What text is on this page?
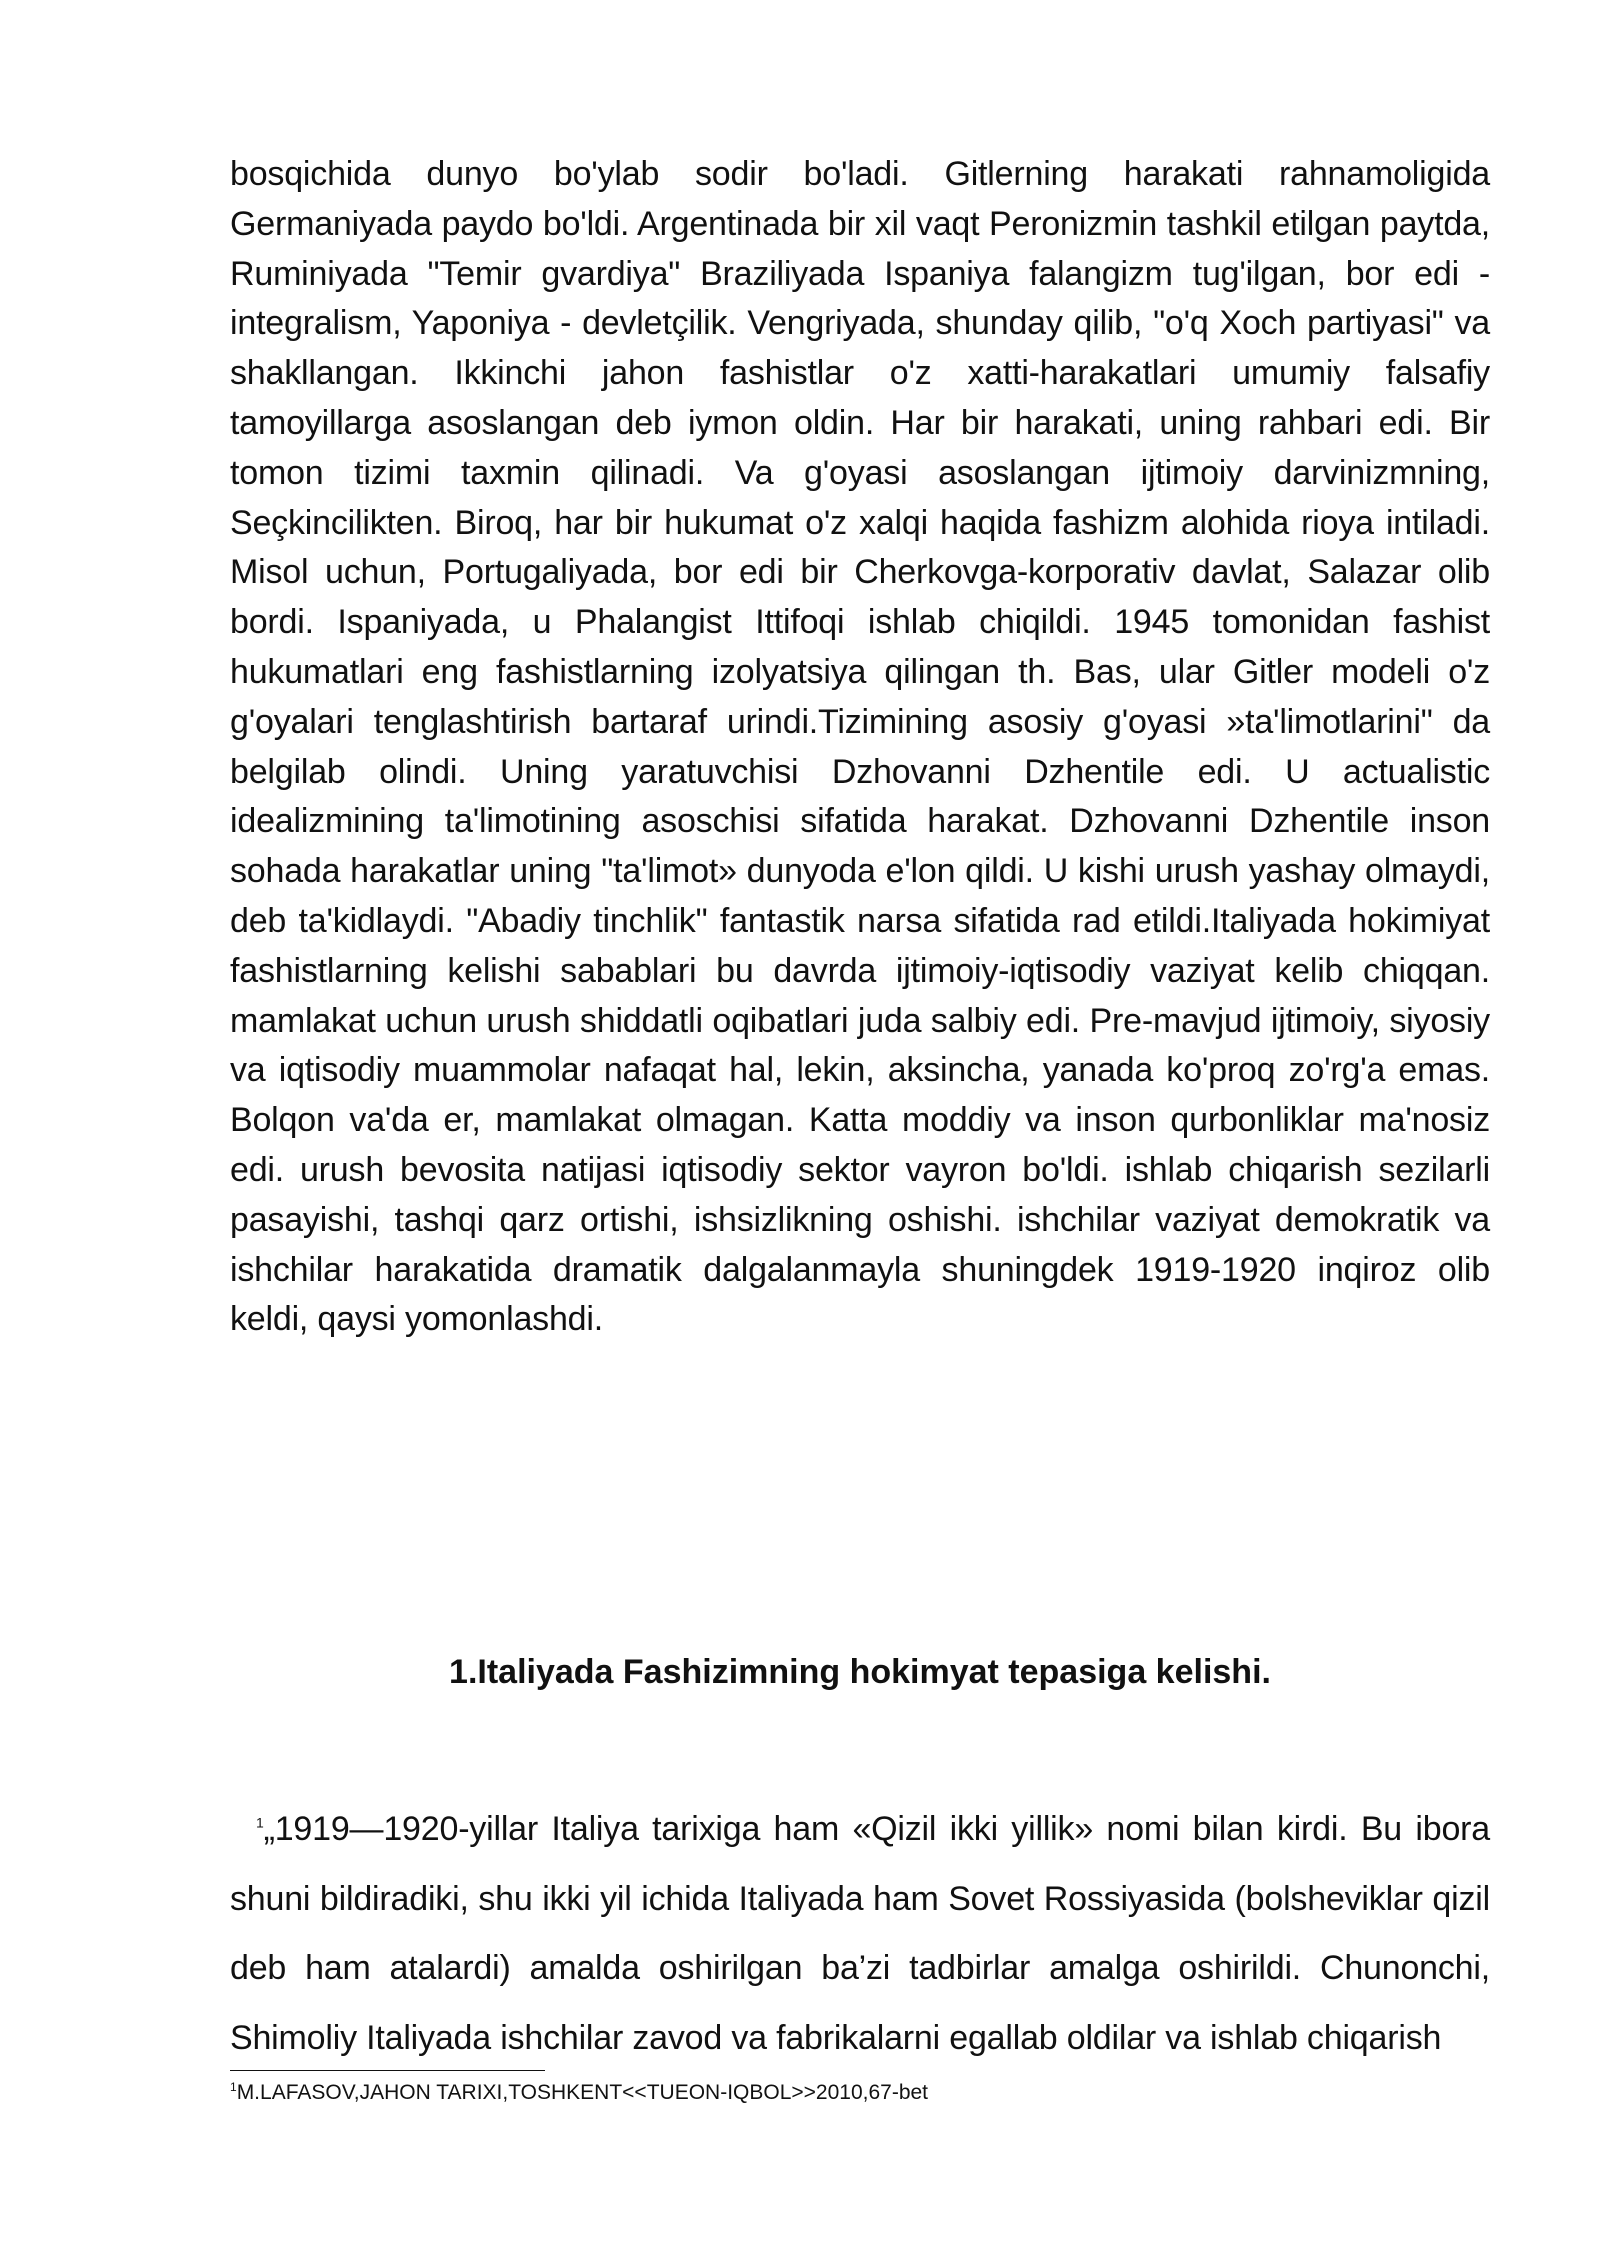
bosqichida dunyo bo'ylab sodir bo'ladi. Gitlerning harakati rahnamoligida Germaniyada paydo bo'ldi. Argentinada bir xil vaqt Peronizmin tashkil etilgan paytda, Ruminiyada "Temir gvardiya" Braziliyada Ispaniya falangizm tug'ilgan, bor edi - integralism, Yaponiya - devletçilik. Vengriyada, shunday qilib, "o'q Xoch partiyasi" va shakllangan. Ikkinchi jahon fashistlar o'z xatti-harakatlari umumiy falsafiy tamoyillarga asoslangan deb iymon oldin. Har bir harakati, uning rahbari edi. Bir tomon tizimi taxmin qilinadi. Va g'oyasi asoslangan ijtimoiy darvinizmning, Seçkincilikten. Biroq, har bir hukumat o'z xalqi haqida fashizm alohida rioya intiladi. Misol uchun, Portugaliyada, bor edi bir Cherkovga-korporativ davlat, Salazar olib bordi. Ispaniyada, u Phalangist Ittifoqi ishlab chiqildi. 1945 tomonidan fashist hukumatlari eng fashistlarning izolyatsiya qilingan th. Bas, ular Gitler modeli o'z g'oyalari tenglashtirish bartaraf urindi.Tizimining asosiy g'oyasi »ta'limotlarini" da belgilab olindi. Uning yaratuvchisi Dzhovanni Dzhentile edi. U actualistic idealizmining ta'limotining asoschisi sifatida harakat. Dzhovanni Dzhentile inson sohada harakatlar uning "ta'limot» dunyoda e'lon qildi. U kishi urush yashay olmaydi, deb ta'kidlaydi. "Abadiy tinchlik" fantastik narsa sifatida rad etildi.Italiyada hokimiyat fashistlarning kelishi sabablari bu davrda ijtimoiy-iqtisodiy vaziyat kelib chiqqan. mamlakat uchun urush shiddatli oqibatlari juda salbiy edi. Pre-mavjud ijtimoiy, siyosiy va iqtisodiy muammolar nafaqat hal, lekin, aksincha, yanada ko'proq zo'rg'a emas. Bolqon va'da er, mamlakat olmagan. Katta moddiy va inson qurbonliklar ma'nosiz edi. urush bevosita natijasi iqtisodiy sektor vayron bo'ldi. ishlab chiqarish sezilarli pasayishi, tashqi qarz ortishi, ishsizlikning oshishi. ishchilar vaziyat demokratik va ishchilar harakatida dramatik dalgalanmayla shuningdek 1919-1920 inqiroz olib keldi, qaysi yomonlashdi.

1.Italiyada Fashizimning hokimyat tepasiga kelishi.

$^1$„1919—1920-yillar Italiya tarixiga ham «Qizil ikki yillik» nomi bilan kirdi. Bu ibora shuni bildiradiki, shu ikki yil ichida Italiyada ham Sovet Rossiyasida (bolsheviklar qizil deb ham atalardi) amalda oshirilgan ba’zi tadbirlar amalga oshirildi. Chunonchi, Shimoliy Italiyada ishchilar zavod va fabrikalarni egallab oldilar va ishlab chiqarish

$^1$M.LAFASOV,JAHON TARIXI,TOSHKENT<<TUEON-IQBOL>>2010,67-bet
